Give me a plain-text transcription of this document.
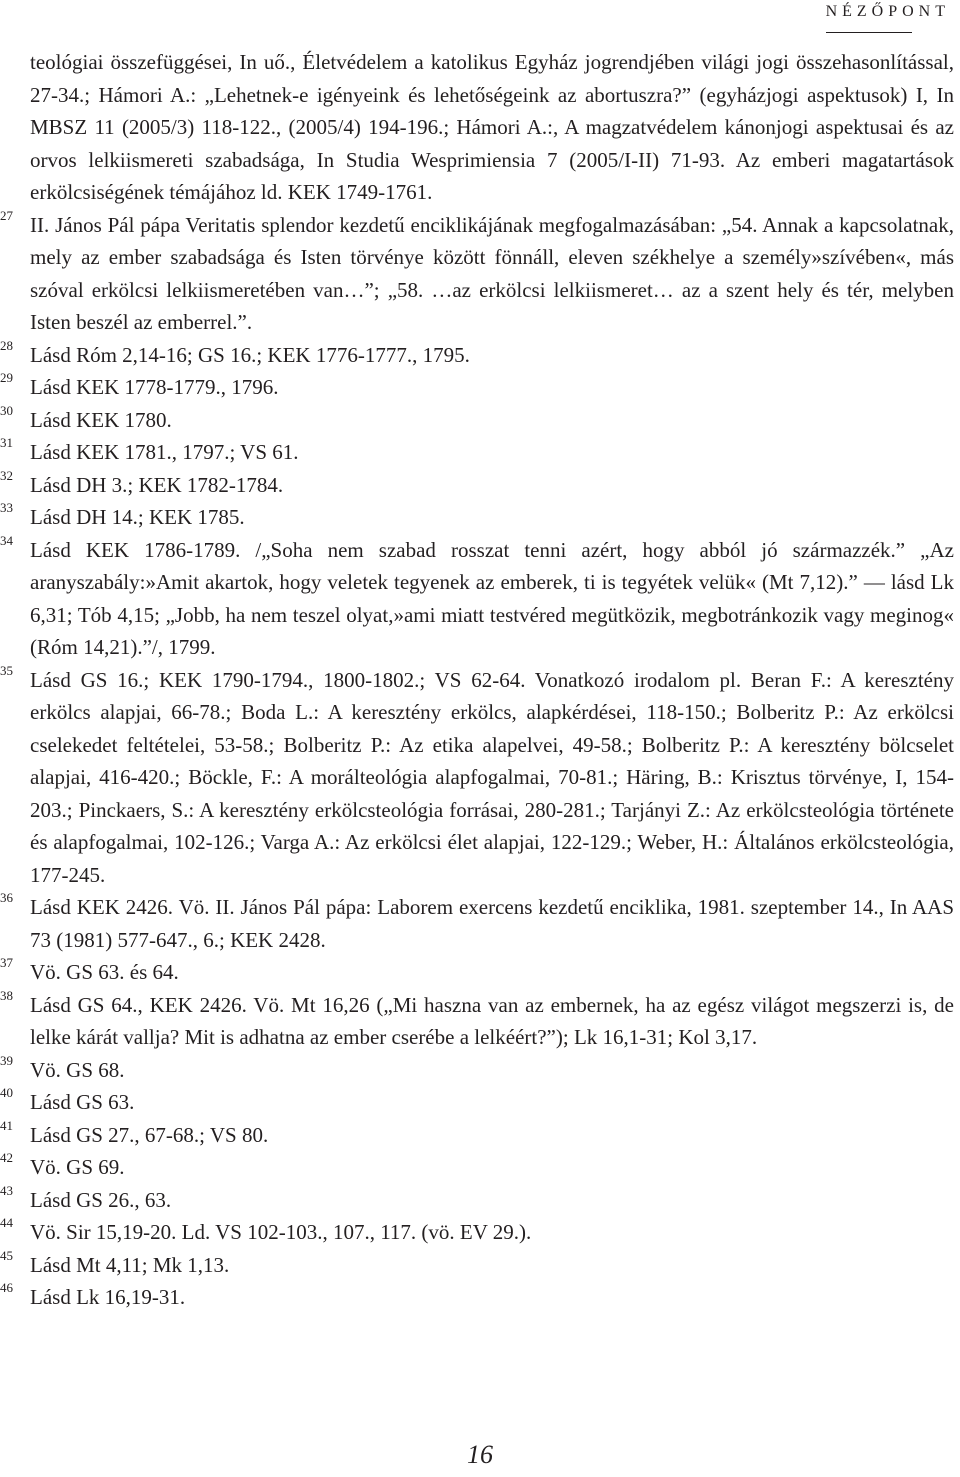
NÉZŐPONT
teológiai összefüggései, In uő., Életvédelem a katolikus Egyház jogrendjében világi jogi összehasonlítással, 27-34.; Hámori A.: „Lehetnek-e igényeink és lehetőségeink az abortuszra?” (egyházjogi aspektusok) I, In MBSZ 11 (2005/3) 118-122., (2005/4) 194-196.; Hámori A.:, A magzatvédelem kánonjogi aspektusai és az orvos lelkiismereti szabadsága, In Studia Wesprimiensia 7 (2005/I-II) 71-93. Az emberi magatartások erkölcsiségének témájához ld. KEK 1749-1761.
27 II. János Pál pápa Veritatis splendor kezdetű enciklikájának megfogalmazásában: „54. Annak a kapcsolatnak, mely az ember szabadsága és Isten törvénye között fönnáll, eleven székhelye a személy»szívében«, más szóval erkölcsi lelkiismeretében van…”; „58. …az erkölcsi lelkiismeret… az a szent hely és tér, melyben Isten beszél az emberrel.”.
28 Lásd Róm 2,14-16; GS 16.; KEK 1776-1777., 1795.
29 Lásd KEK 1778-1779., 1796.
30 Lásd KEK 1780.
31 Lásd KEK 1781., 1797.; VS 61.
32 Lásd DH 3.; KEK 1782-1784.
33 Lásd DH 14.; KEK 1785.
34 Lásd KEK 1786-1789. /„Soha nem szabad rosszat tenni azért, hogy abból jó származzék.” „Az aranyszabály:»Amit akartok, hogy veletek tegyenek az emberek, ti is tegyétek velük« (Mt 7,12).” — lásd Lk 6,31; Tób 4,15; „Jobb, ha nem teszel olyat,»ami miatt testvéred megütközik, megbotránkozik vagy meginog« (Róm 14,21).”/, 1799.
35 Lásd GS 16.; KEK 1790-1794., 1800-1802.; VS 62-64. Vonatkozó irodalom pl. Beran F.: A keresztény erkölcs alapjai, 66-78.; Boda L.: A keresztény erkölcs, alapkérdései, 118-150.; Bolberitz P.: Az erkölcsi cselekedet feltételei, 53-58.; Bolberitz P.: Az etika alapelvei, 49-58.; Bolberitz P.: A keresztény bölcselet alapjai, 416-420.; Böckle, F.: A morálteológia alapfogalmai, 70-81.; Häring, B.: Krisztus törvénye, I, 154-203.; Pinckaers, S.: A keresztény erkölcsteológia forrásai, 280-281.; Tarjányi Z.: Az erkölcsteológia története és alapfogalmai, 102-126.; Varga A.: Az erkölcsi élet alapjai, 122-129.; Weber, H.: Általános erkölcsteológia, 177-245.
36 Lásd KEK 2426. Vö. II. János Pál pápa: Laborem exercens kezdetű enciklika, 1981. szeptember 14., In AAS 73 (1981) 577-647., 6.; KEK 2428.
37 Vö. GS 63. és 64.
38 Lásd GS 64., KEK 2426. Vö. Mt 16,26 („Mi haszna van az embernek, ha az egész világot megszerzi is, de lelke kárát vallja? Mit is adhatna az ember cserébe a lelkéért?”); Lk 16,1-31; Kol 3,17.
39 Vö. GS 68.
40 Lásd GS 63.
41 Lásd GS 27., 67-68.; VS 80.
42 Vö. GS 69.
43 Lásd GS 26., 63.
44 Vö. Sir 15,19-20. Ld. VS 102-103., 107., 117. (vö. EV 29.).
45 Lásd Mt 4,11; Mk 1,13.
46 Lásd Lk 16,19-31.
16
